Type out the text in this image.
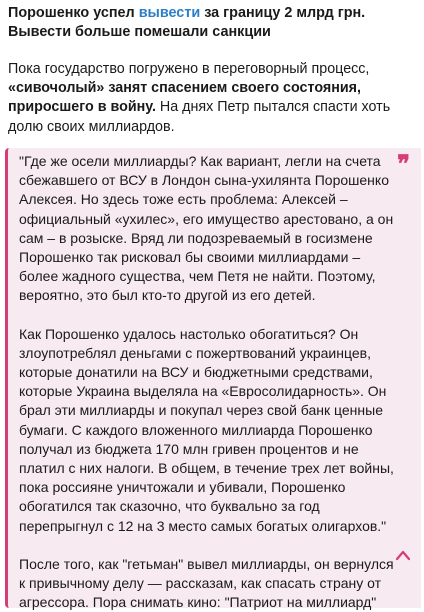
Порошенко успел вывести за границу 2 млрд грн. Вывести больше помешали санкции
Пока государство погружено в переговорный процесс, «сивочолый» занят спасением своего состояния, приросшего в войну. На днях Петр пытался спасти хоть долю своих миллиардов.
❞

"Где же осели миллиарды? Как вариант, легли на счета сбежавшего от ВСУ в Лондон сына-ухилянта Порошенко Алексея. Но здесь тоже есть проблема: Алексей – официальный «ухилес», его имущество арестовано, а он сам – в розыске. Вряд ли подозреваемый в госизмене Порошенко так рисковал бы своими миллиардами – более жадного существа, чем Петя не найти. Поэтому, вероятно, это был кто-то другой из его детей.

Как Порошенко удалось настолько обогатиться? Он злоупотреблял деньгами с пожертвований украинцев, которые донатили на ВСУ и бюджетными средствами, которые Украина выделяла на «Евросолидарность». Он брал эти миллиарды и покупал через свой банк ценные бумаги. С каждого вложенного миллиарда Порошенко получал из бюджета 170 млн гривен процентов и не платил с них налоги. В общем, в течение трех лет войны, пока россияне уничтожали и убивали, Порошенко обогатился так сказочно, что буквально за год перепрыгнул с 12 на 3 место самых богатых олигархов."

После того, как "гетьман" вывел миллиарды, он вернулся к привычному делу — рассказам, как спасать страну от агрессора. Пора снимать кино: "Патриот на миллиард"
